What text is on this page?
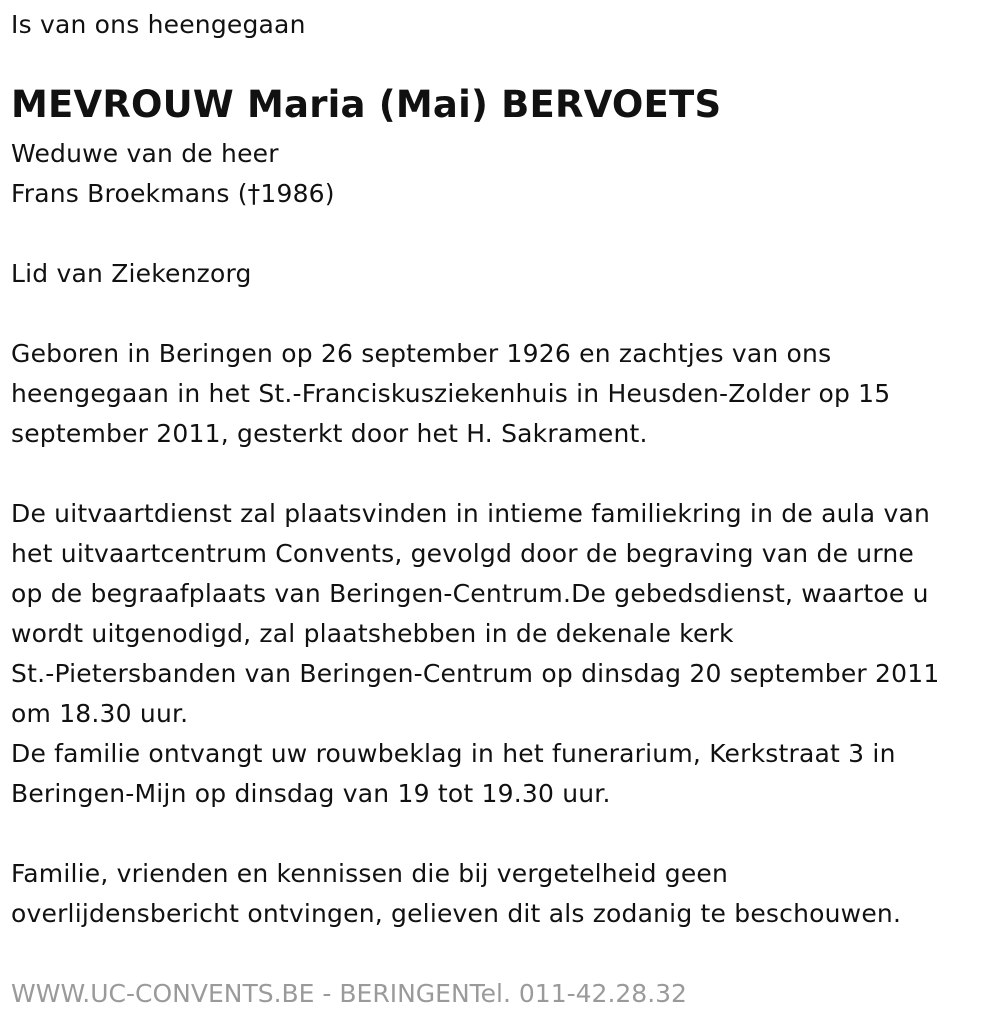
Is van ons heengegaan
MEVROUW Maria (Mai) BERVOETS
Weduwe van de heer
Frans Broekmans (†1986)
Lid van Ziekenzorg
Geboren in Beringen op 26 september 1926 en zachtjes van ons
heengegaan in het St.-Franciskusziekenhuis in Heusden-Zolder op 15
september 2011, gesterkt door het H. Sakrament.
De uitvaartdienst zal plaatsvinden in intieme familiekring in de aula van
het uitvaartcentrum Convents, gevolgd door de begraving van de urne
op de begraafplaats van Beringen-Centrum.De gebedsdienst, waartoe u
wordt uitgenodigd, zal plaatshebben in de dekenale kerk
St.-Pietersbanden van Beringen-Centrum op dinsdag 20 september 2011
om 18.30 uur.
De familie ontvangt uw rouwbeklag in het funerarium, Kerkstraat 3 in
Beringen-Mijn op dinsdag van 19 tot 19.30 uur.
Familie, vrienden en kennissen die bij vergetelheid geen
overlijdensbericht ontvingen, gelieven dit als zodanig te beschouwen.
WWW.UC-CONVENTS.BE - BERINGENTel. 011-42.28.32
